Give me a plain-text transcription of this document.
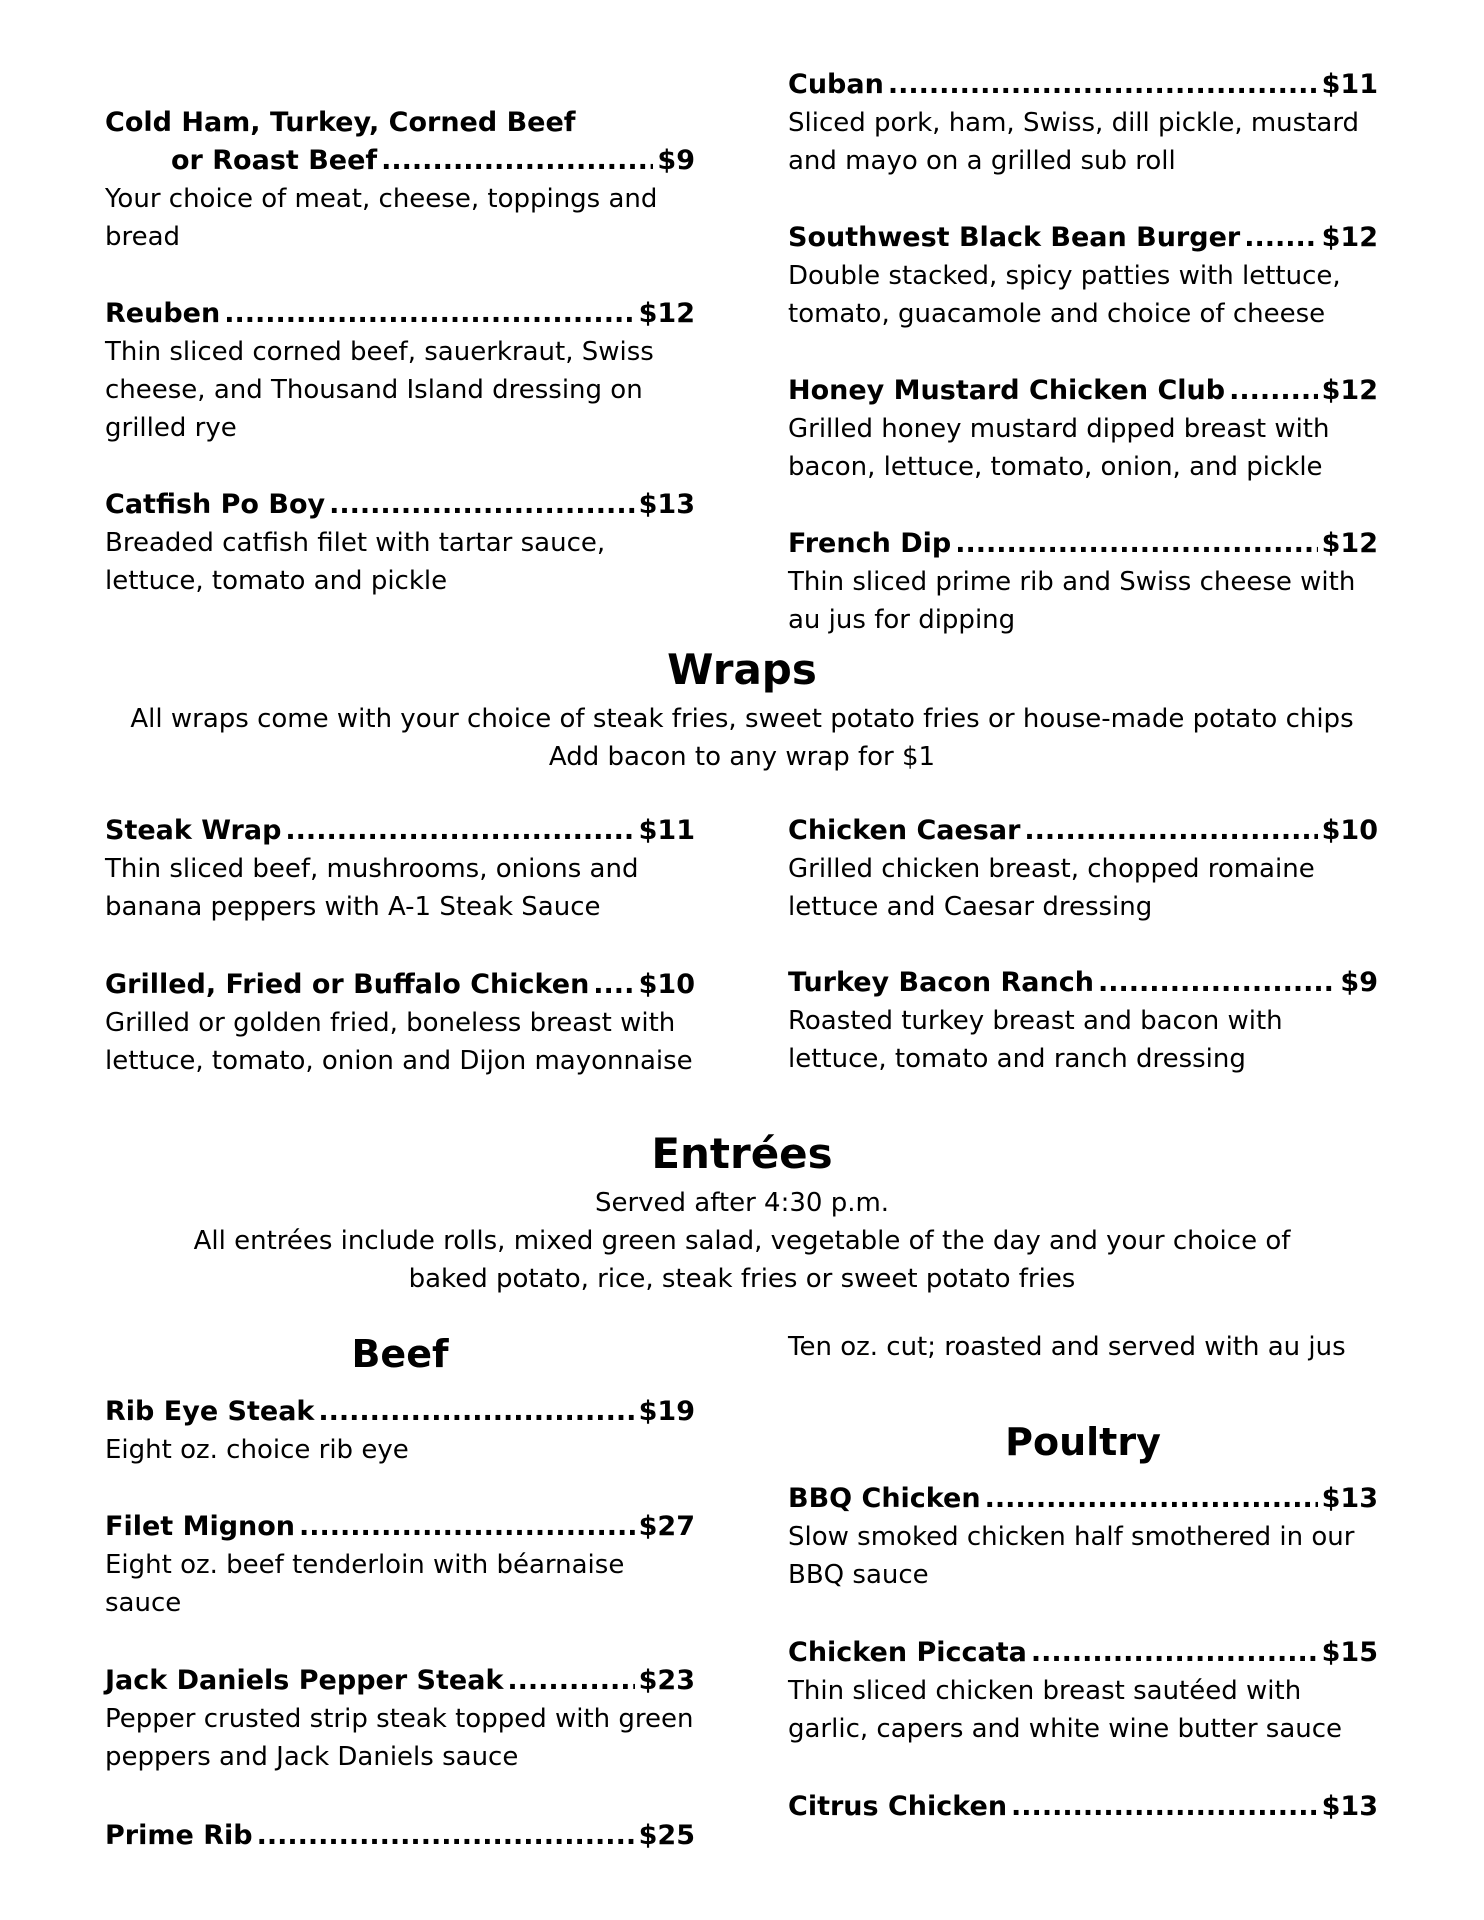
Cold Ham, Turkey, Corned Beef
or Roast Beef .....	$9
Your choice of meat, cheese, toppings and bread
Reuben .....	$12
Thin sliced corned beef, sauerkraut, Swiss cheese, and Thousand Island dressing on grilled rye
Catfish Po Boy .....	$13
Breaded catfish filet with tartar sauce, lettuce, tomato and pickle
Cuban .....	$11
Sliced pork, ham, Swiss, dill pickle, mustard and mayo on a grilled sub roll
Southwest Black Bean Burger .....	$12
Double stacked, spicy patties with lettuce, tomato, guacamole and choice of cheese
Honey Mustard Chicken Club .....	$12
Grilled honey mustard dipped breast with bacon, lettuce, tomato, onion, and pickle
French Dip .....	$12
Thin sliced prime rib and Swiss cheese with au jus for dipping
Wraps
All wraps come with your choice of steak fries, sweet potato fries or house-made potato chips
Add bacon to any wrap for $1
Steak Wrap .....	$11
Thin sliced beef, mushrooms, onions and banana peppers with A-1 Steak Sauce
Grilled, Fried or Buffalo Chicken ..... $10
Grilled or golden fried, boneless breast with lettuce, tomato, onion and Dijon mayonnaise
Chicken Caesar .....	$10
Grilled chicken breast, chopped romaine lettuce and Caesar dressing
Turkey Bacon Ranch .....	$9
Roasted turkey breast and bacon with lettuce, tomato and ranch dressing
Entrées
Served after 4:30 p.m.
All entrées include rolls, mixed green salad, vegetable of the day and your choice of
baked potato, rice, steak fries or sweet potato fries
Beef
Rib Eye Steak .....	$19
Eight oz. choice rib eye
Filet Mignon .....	$27
Eight oz. beef tenderloin with béarnaise sauce
Jack Daniels Pepper Steak .....	$23
Pepper crusted strip steak topped with green peppers and Jack Daniels sauce
Prime Rib .....	$25
Ten oz. cut; roasted and served with au jus
Poultry
BBQ Chicken .....	$13
Slow smoked chicken half smothered in our BBQ sauce
Chicken Piccata .....	$15
Thin sliced chicken breast sautéed with garlic, capers and white wine butter sauce
Citrus Chicken .....	$13
